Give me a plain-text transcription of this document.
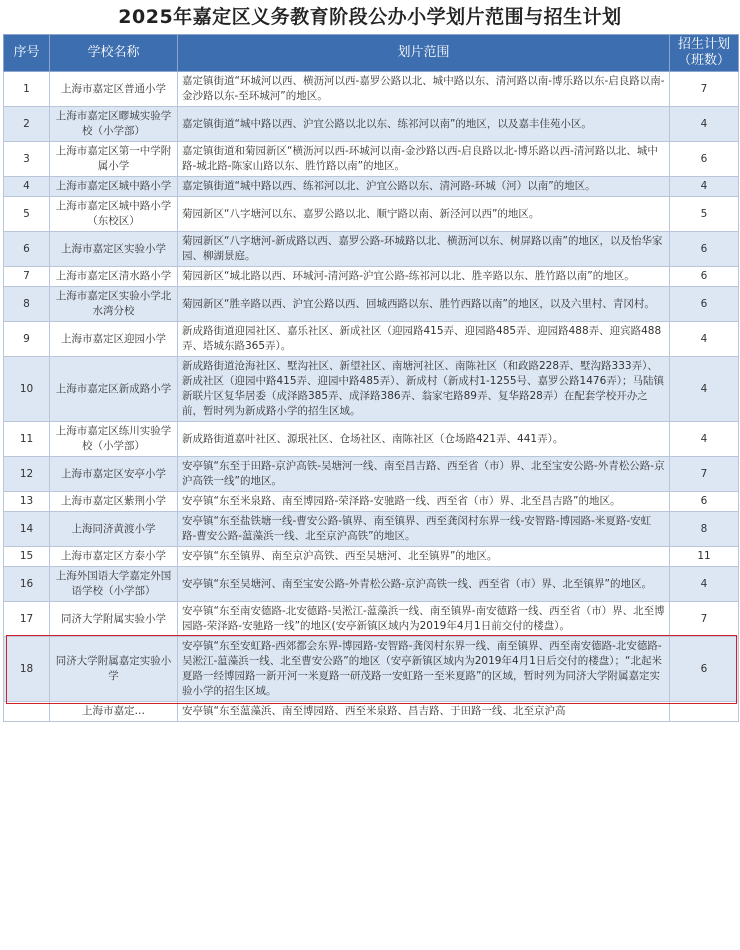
2025年嘉定区义务教育阶段公办小学划片范围与招生计划
序号	学校名称	划片范围	招生计划（班数）
1	上海市嘉定区普通小学	嘉定镇街道“环城河以西、横沥河以西-嘉罗公路以北、城中路以东、清河路以南-博乐路以东-启良路以南-金沙路以东-至环城河”的地区。	7
2	上海市嘉定区疁城实验学校（小学部）	嘉定镇街道“城中路以西、沪宜公路以北以东、练祁河以南”的地区，以及嘉丰佳苑小区。	4
3	上海市嘉定区第一中学附属小学	嘉定镇街道和菊园新区“横沥河以西-环城河以南-金沙路以西-启良路以北-博乐路以西-清河路以北、城中路-城北路-陈家山路以东、胜竹路以南”的地区。	6
4	上海市嘉定区城中路小学	嘉定镇街道“城中路以西、练祁河以北、沪宜公路以东、清河路-环城（河）以南”的地区。	4
5	上海市嘉定区城中路小学（东校区）	菊园新区“八字塘河以东、嘉罗公路以北、顺宁路以南、新泾河以西”的地区。	5
6	上海市嘉定区实验小学	菊园新区“八字塘河-新成路以西、嘉罗公路-环城路以北、横沥河以东、树屏路以南”的地区，以及怡华家园、柳湖景庭。	6
7	上海市嘉定区清水路小学	菊园新区“城北路以西、环城河-清河路-沪宜公路-练祁河以北、胜辛路以东、胜竹路以南”的地区。	6
8	上海市嘉定区实验小学北水湾分校	菊园新区“胜辛路以西、沪宜公路以西、回城西路以东、胜竹西路以南”的地区，以及六里村、青冈村。	6
9	上海市嘉定区迎园小学	新成路街道迎园社区、嘉乐社区、新成社区（迎园路415弄、迎园路485弄、迎园路488弄、迎宾路488弄、塔城东路365弄）。	4
10	上海市嘉定区新成路小学	新成路街道沧海社区、墅沟社区、新望社区、南塘河社区、南陈社区（和政路228弄、墅沟路333弄）、新成社区（迎园中路415弄、迎园中路485弄）、新成村（新成村1-1255号、嘉罗公路1476弄）；马陆镇新联片区复华居委（成泽路385弄、成泽路386弄、翁家宅路89弄、复华路28弄）在配套学校开办之前，暂时列为新成路小学的招生区域。	4
11	上海市嘉定区练川实验学校（小学部）	新成路街道嘉叶社区、源珉社区、仓场社区、南陈社区（仓场路421弄、441弄）。	4
12	上海市嘉定区安亭小学	安亭镇“东至于田路-京沪高铁-吴塘河一线、南至昌吉路、西至省（市）界、北至宝安公路-外青松公路-京沪高铁一线”的地区。	7
13	上海市嘉定区紫荆小学	安亭镇“东至米泉路、南至博园路-荣泽路-安驰路一线、西至省（市）界、北至昌吉路”的地区。	6
14	上海同济黄渡小学	安亭镇“东至盐铁塘一线-曹安公路-镇界、南至镇界、西至龚闵村东界一线-安智路-博园路-米夏路-安虹路-曹安公路-蕰藻浜一线、北至京沪高铁”的地区。	8
15	上海市嘉定区方泰小学	安亭镇“东至镇界、南至京沪高铁、西至吴塘河、北至镇界”的地区。	11
16	上海外国语大学嘉定外国语学校（小学部）	安亭镇“东至吴塘河、南至宝安公路-外青松公路-京沪高铁一线、西至省（市）界、北至镇界”的地区。	4
17	同济大学附属实验小学	安亭镇“东至南安德路-北安德路-吴淞江-蕰藻浜一线、南至镇界-南安德路一线、西至省（市）界、北至博园路-荣泽路-安驰路一线”的地区(安亭新镇区域内为2019年4月1日前交付的楼盘）。	7
18	同济大学附属嘉定实验小学	安亭镇“东至安虹路-西郊都会东界-博园路-安智路-龚闵村东界一线、南至镇界、西至南安德路-北安德路-吴淞江-蕰藻浜一线、北至曹安公路”的地区（安亭新镇区域内为2019年4月1日后交付的楼盘）；“北起米夏路一经博园路一新开河一米夏路一研茂路一安虹路一至米夏路”的区域，暂时列为同济大学附属嘉定实验小学的招生区域。	6
	上海市嘉定…	安亭镇“东至蕰藻浜、南至博园路、西至米泉路、昌吉路、于田路一线、北至京沪高	
